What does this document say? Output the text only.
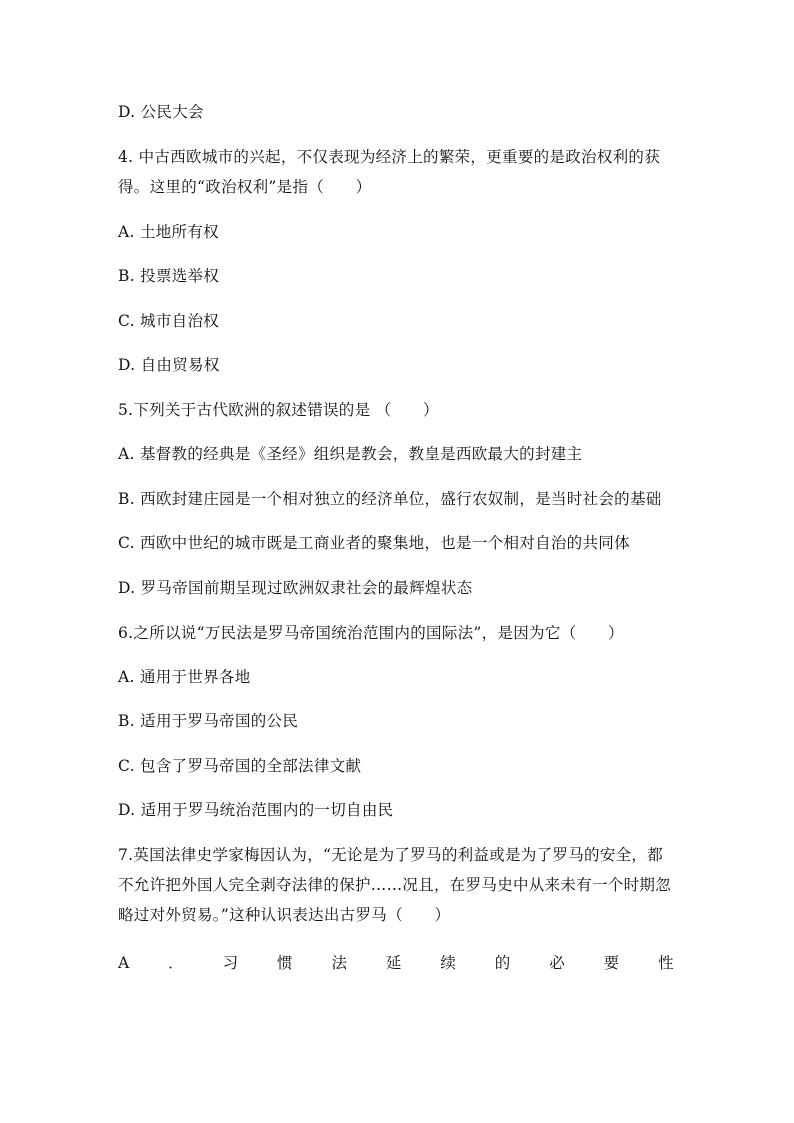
D. 公民大会
4. 中古西欧城市的兴起，不仅表现为经济上的繁荣，更重要的是政治权利的获
得。这里的“政治权利”是指（　　）
A. 土地所有权
B. 投票选举权
C. 城市自治权
D. 自由贸易权
5.下列关于古代欧洲的叙述错误的是 （　　）
A. 基督教的经典是《圣经》组织是教会，教皇是西欧最大的封建主
B. 西欧封建庄园是一个相对独立的经济单位，盛行农奴制，是当时社会的基础
C. 西欧中世纪的城市既是工商业者的聚集地，也是一个相对自治的共同体
D. 罗马帝国前期呈现过欧洲奴隶社会的最辉煌状态
6.之所以说“万民法是罗马帝国统治范围内的国际法”，是因为它（　　）
A. 通用于世界各地
B. 适用于罗马帝国的公民
C. 包含了罗马帝国的全部法律文献
D. 适用于罗马统治范围内的一切自由民
7.英国法律史学家梅因认为，“无论是为了罗马的利益或是为了罗马的安全，都
不允许把外国人完全剥夺法律的保护……况且，在罗马史中从来未有一个时期忽
略过对外贸易。”这种认识表达出古罗马（　　）
A ． 习 惯 法 延 续 的 必 要 性
